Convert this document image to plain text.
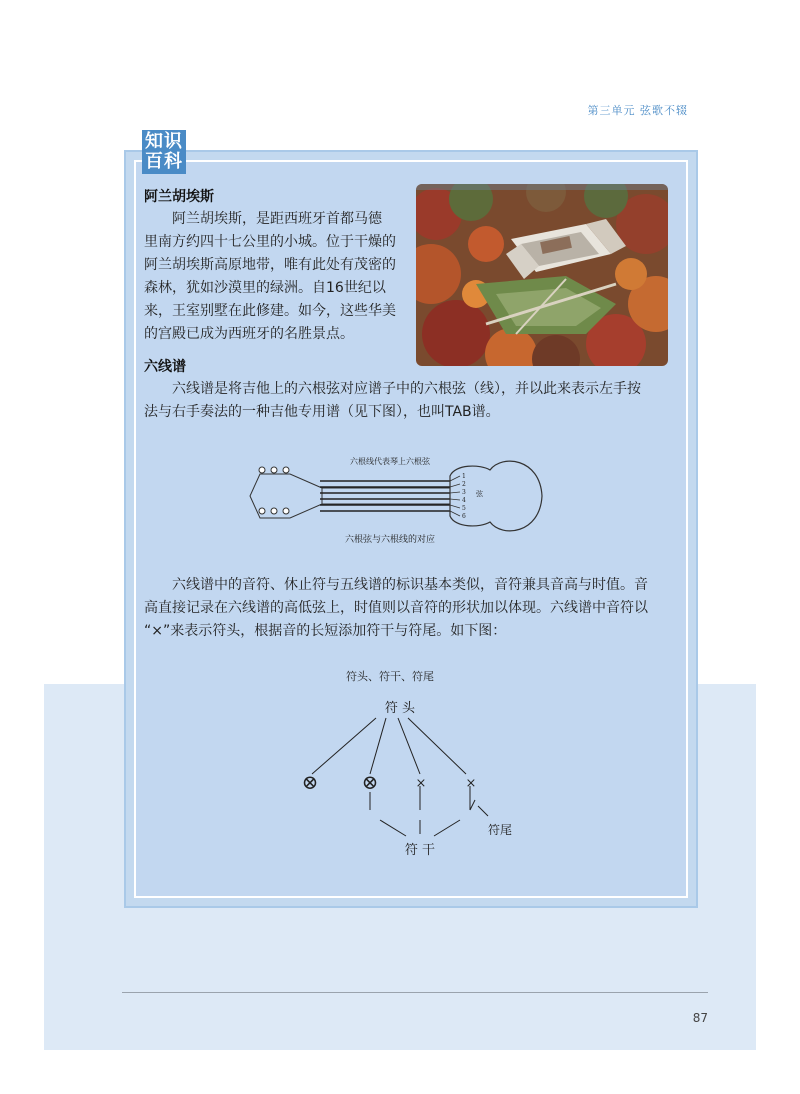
第三单元 弦歌不辍
知识
百科
阿兰胡埃斯
阿兰胡埃斯，是距西班牙首都马德
里南方约四十七公里的小城。位于干燥的
阿兰胡埃斯高原地带，唯有此处有茂密的
森林，犹如沙漠里的绿洲。自16世纪以
来，王室别墅在此修建。如今，这些华美
的宫殿已成为西班牙的名胜景点。
六线谱
六线谱是将吉他上的六根弦对应谱子中的六根弦（线），并以此来表示左手按
法与右手奏法的一种吉他专用谱（见下图），也叫TAB谱。
六根线代表琴上六根弦
1
2
3
4
5
6
弦
六根弦与六根线的对应
六线谱中的音符、休止符与五线谱的标识基本类似，音符兼具音高与时值。音
高直接记录在六线谱的高低弦上，时值则以音符的形状加以体现。六线谱中音符以
“×”来表示符头，根据音的长短添加符干与符尾。如下图：
符头、符干、符尾
符 头
⊗ ⊗	×	×
符尾
符 干
87
